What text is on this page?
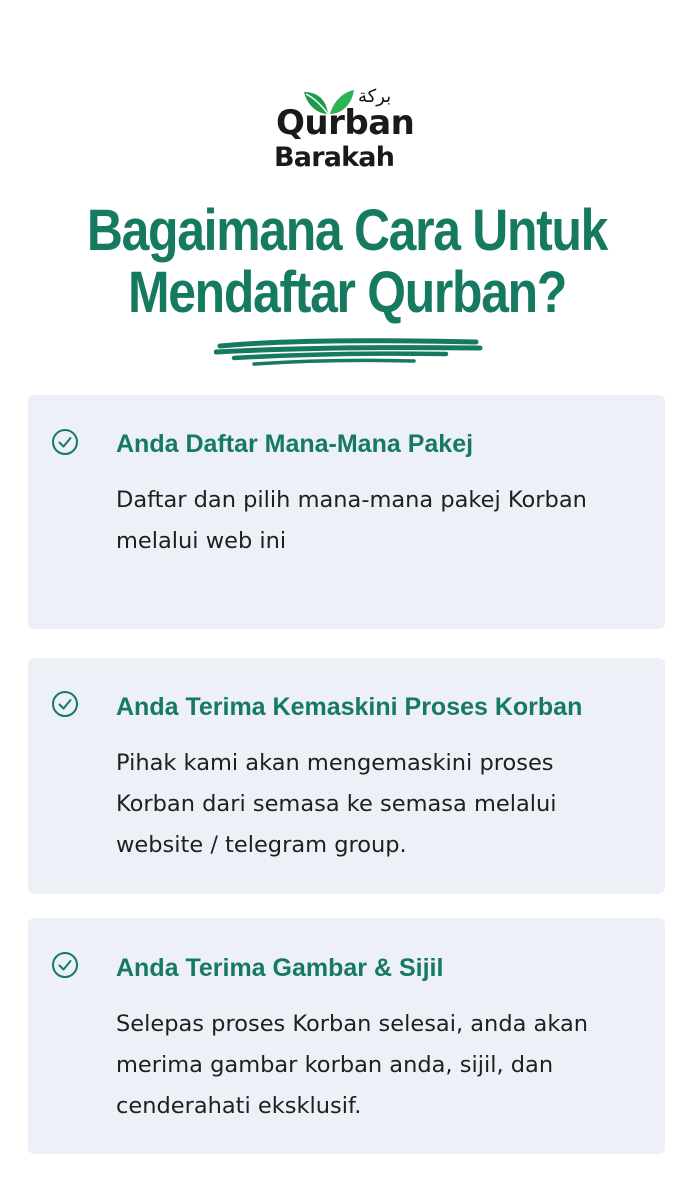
بركة
Qurban
Barakah
Bagaimana Cara Untuk
Mendaftar Qurban?
Anda Daftar Mana-Mana Pakej

Daftar dan pilih mana-mana pakej Korban melalui web ini

Anda Terima Kemaskini Proses Korban

Pihak kami akan mengemaskini proses Korban dari semasa ke semasa melalui website / telegram group.

Anda Terima Gambar & Sijil

Selepas proses Korban selesai, anda akan merima gambar korban anda, sijil, dan cenderahati eksklusif.
